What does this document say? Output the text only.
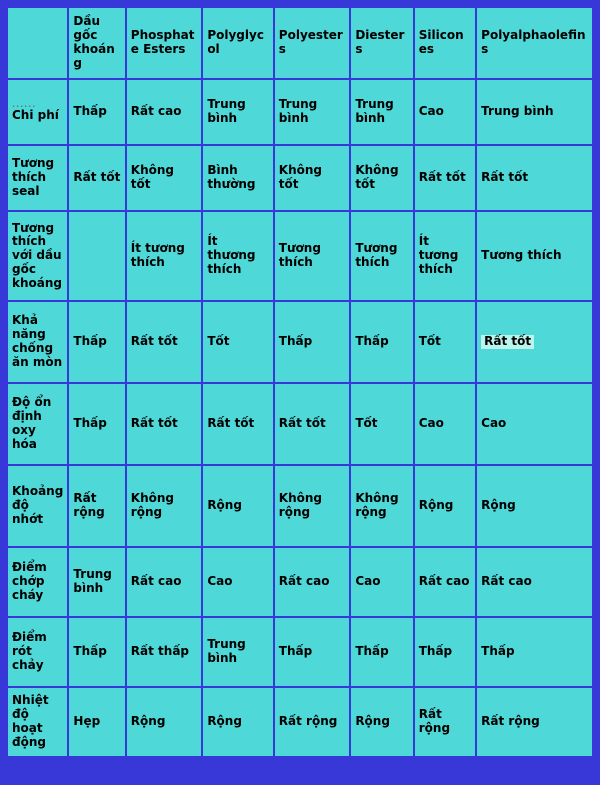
	Dầu gốc khoáng	Phosphate Esters	Polyglycol	Polyesters	Diesters	Silicones	Polyalphaolefins

......
Chi phí	Thấp	Rất cao	Trung bình	Trung bình	Trung bình	Cao	Trung bình
Tương thích seal	Rất tốt	Không tốt	Bình thường	Không tốt	Không tốt	Rất tốt	Rất tốt
Tương thích với dầu gốc khoáng		Ít tương thích	Ít thương thích	Tương thích	Tương thích	Ít tương thích	Tương thích
Khả năng chống ăn mòn	Thấp	Rất tốt	Tốt	Thấp	Thấp	Tốt	Rất tốt
Độ ổn định oxy hóa	Thấp	Rất tốt	Rất tốt	Rất tốt	Tốt	Cao	Cao
Khoảng độ nhớt	Rất rộng	Không rộng	Rộng	Không rộng	Không rộng	Rộng	Rộng
Điểm chớp cháy	Trung bình	Rất cao	Cao	Rất cao	Cao	Rất cao	Rất cao
Điểm rót chảy	Thấp	Rất thấp	Trung bình	Thấp	Thấp	Thấp	Thấp
Nhiệt độ hoạt động	Hẹp	Rộng	Rộng	Rất rộng	Rộng	Rất rộng	Rất rộng
